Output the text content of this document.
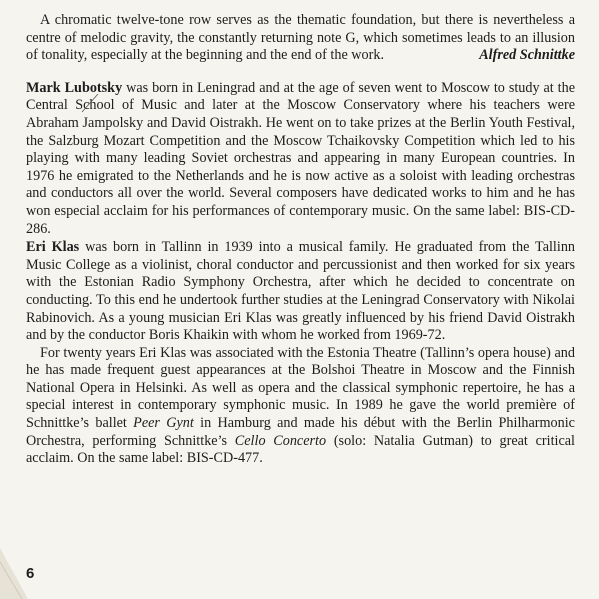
A chromatic twelve-tone row serves as the thematic foundation, but there is nevertheless a centre of melodic gravity, the constantly returning note G, which sometimes leads to an illusion of tonality, especially at the beginning and the end of the work.	Alfred Schnittke

Mark Lubotsky was born in Leningrad and at the age of seven went to Moscow to study at the Central School of Music and later at the Moscow Conservatory where his teachers were Abraham Jampolsky and David Oistrakh. He went on to take prizes at the Berlin Youth Festival, the Salzburg Mozart Competition and the Moscow Tchaikovsky Competition which led to his playing with many leading Soviet orchestras and appearing in many European countries. In 1976 he emigrated to the Netherlands and he is now active as a soloist with leading orchestras and conductors all over the world. Several composers have dedicated works to him and he has won especial acclaim for his performances of contemporary music. On the same label: BIS-CD-286.

Eri Klas was born in Tallinn in 1939 into a musical family. He graduated from the Tallinn Music College as a violinist, choral conductor and percussionist and then worked for six years with the Estonian Radio Symphony Orchestra, after which he decided to concentrate on conducting. To this end he undertook further studies at the Leningrad Conservatory with Nikolai Rabinovich. As a young musician Eri Klas was greatly influenced by his friend David Oistrakh and by the conductor Boris Khaikin with whom he worked from 1969-72.

For twenty years Eri Klas was associated with the Estonia Theatre (Tallinn’s opera house) and he has made frequent guest appearances at the Bolshoi Theatre in Moscow and the Finnish National Opera in Helsinki. As well as opera and the classical symphonic repertoire, he has a special interest in contemporary symphonic music. In 1989 he gave the world première of Schnittke’s ballet Peer Gynt in Hamburg and made his début with the Berlin Philharmonic Orchestra, performing Schnittke’s Cello Concerto (solo: Natalia Gutman) to great critical acclaim. On the same label: BIS-CD-477.

6
